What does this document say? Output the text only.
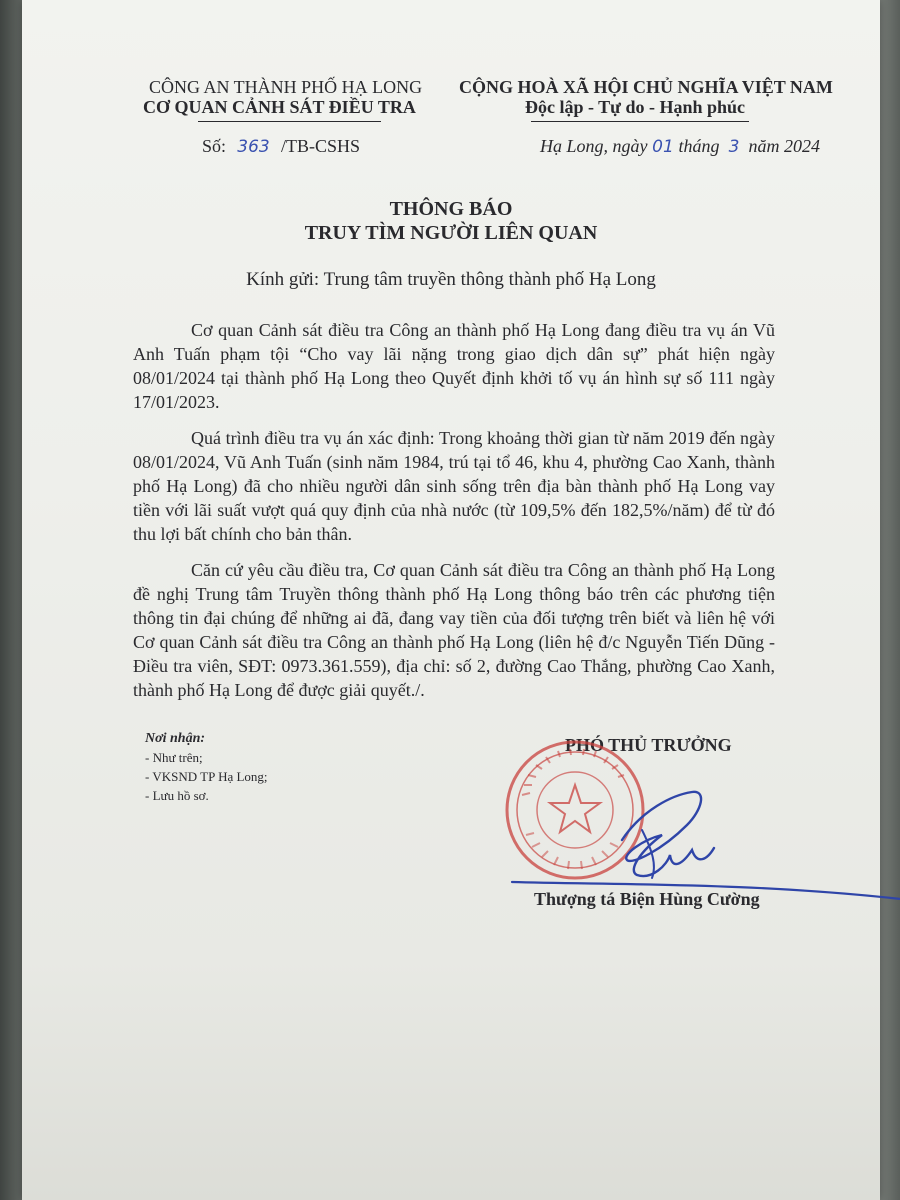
CÔNG AN THÀNH PHỐ HẠ LONG
CƠ QUAN CẢNH SÁT ĐIỀU TRA
CỘNG HOÀ XÃ HỘI CHỦ NGHĨA VIỆT NAM
Độc lập - Tự do - Hạnh phúc
Số: 363 /TB-CSHS	Hạ Long, ngày 01 tháng 3 năm 2024
THÔNG BÁO
TRUY TÌM NGƯỜI LIÊN QUAN
Kính gửi: Trung tâm truyền thông thành phố Hạ Long

Cơ quan Cảnh sát điều tra Công an thành phố Hạ Long đang điều tra vụ án Vũ Anh Tuấn phạm tội “Cho vay lãi nặng trong giao dịch dân sự” phát hiện ngày 08/01/2024 tại thành phố Hạ Long theo Quyết định khởi tố vụ án hình sự số 111 ngày 17/01/2023.

Quá trình điều tra vụ án xác định: Trong khoảng thời gian từ năm 2019 đến ngày 08/01/2024, Vũ Anh Tuấn (sinh năm 1984, trú tại tổ 46, khu 4, phường Cao Xanh, thành phố Hạ Long) đã cho nhiều người dân sinh sống trên địa bàn thành phố Hạ Long vay tiền với lãi suất vượt quá quy định của nhà nước (từ 109,5% đến 182,5%/năm) để từ đó thu lợi bất chính cho bản thân.

Căn cứ yêu cầu điều tra, Cơ quan Cảnh sát điều tra Công an thành phố Hạ Long đề nghị Trung tâm Truyền thông thành phố Hạ Long thông báo trên các phương tiện thông tin đại chúng để những ai đã, đang vay tiền của đối tượng trên biết và liên hệ với Cơ quan Cảnh sát điều tra Công an thành phố Hạ Long (liên hệ đ/c Nguyễn Tiến Dũng - Điều tra viên, SĐT: 0973.361.559), địa chỉ: số 2, đường Cao Thắng, phường Cao Xanh, thành phố Hạ Long để được giải quyết./.

Nơi nhận:
- Như trên;
- VKSND TP Hạ Long;
- Lưu hồ sơ.
PHÓ THỦ TRƯỞNG
Thượng tá Biện Hùng Cường
